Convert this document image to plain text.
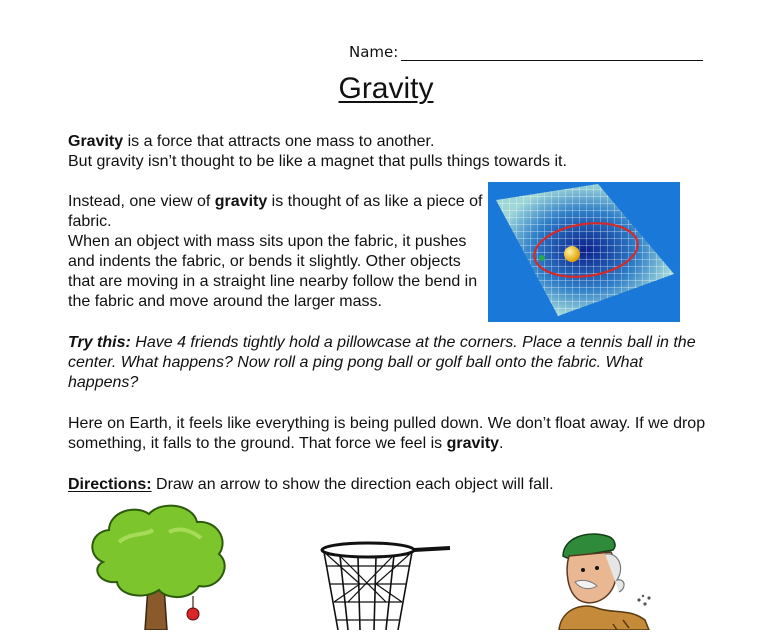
Name:
Gravity
Gravity is a force that attracts one mass to another.
But gravity isn’t thought to be like a magnet that pulls things towards it.
Instead, one view of gravity is thought of as like a piece of fabric.
When an object with mass sits upon the fabric, it pushes and indents the fabric, or bends it slightly. Other objects that are moving in a straight line nearby follow the bend in the fabric and move around the larger mass.
Try this: Have 4 friends tightly hold a pillowcase at the corners. Place a tennis ball in the center. What happens? Now roll a ping pong ball or golf ball onto the fabric. What happens?
Here on Earth, it feels like everything is being pulled down. We don’t float away. If we drop something, it falls to the ground. That force we feel is gravity.
Directions: Draw an arrow to show the direction each object will fall.
